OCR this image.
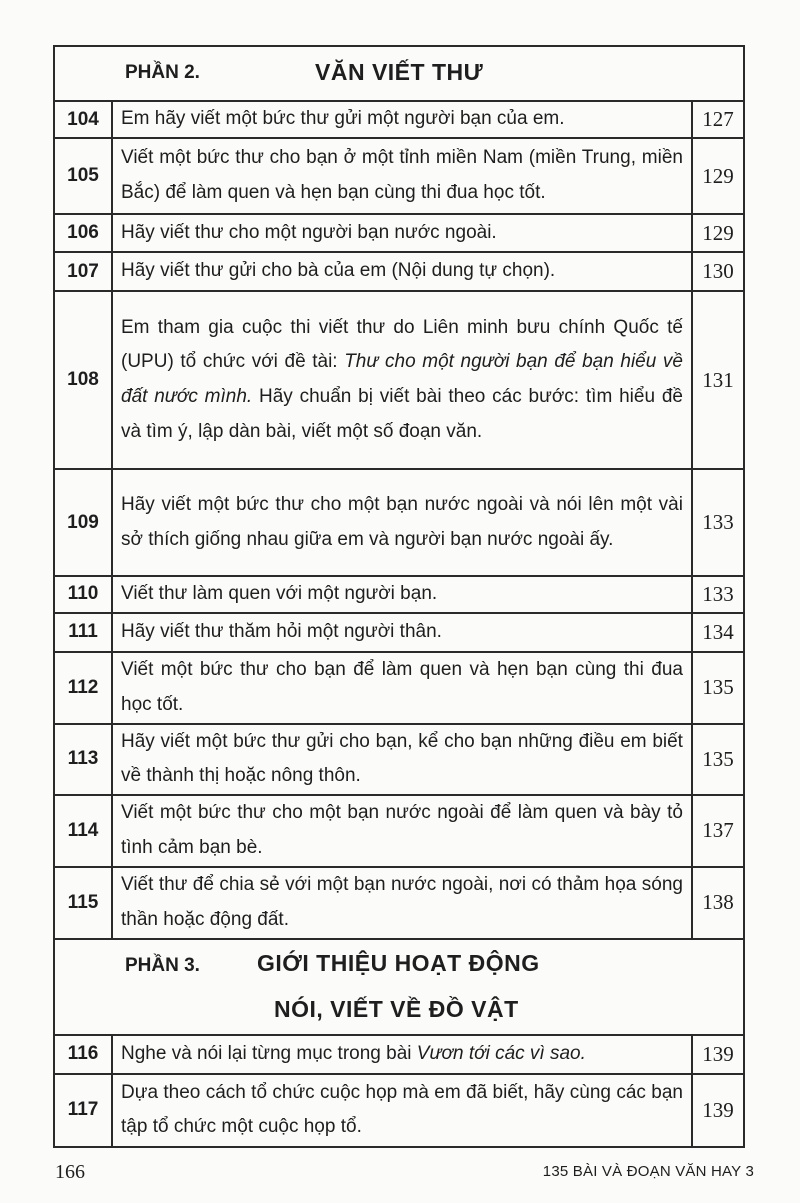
PHẦN 2. VĂN VIẾT THƯ		

104	Em hãy viết một bức thư gửi một người bạn của em.	127
105	Viết một bức thư cho bạn ở một tỉnh miền Nam (miền Trung, miền Bắc) để làm quen và hẹn bạn cùng thi đua học tốt.	129
106	Hãy viết thư cho một người bạn nước ngoài.	129
107	Hãy viết thư gửi cho bà của em (Nội dung tự chọn).	130
108	Em tham gia cuộc thi viết thư do Liên minh bưu chính Quốc tế (UPU) tổ chức với đề tài: Thư cho một người bạn để bạn hiểu về đất nước mình. Hãy chuẩn bị viết bài theo các bước: tìm hiểu đề và tìm ý, lập dàn bài, viết một số đoạn văn.	131
109	Hãy viết một bức thư cho một bạn nước ngoài và nói lên một vài sở thích giống nhau giữa em và người bạn nước ngoài ấy.	133
110	Viết thư làm quen với một người bạn.	133
111	Hãy viết thư thăm hỏi một người thân.	134
112	Viết một bức thư cho bạn để làm quen và hẹn bạn cùng thi đua học tốt.	135
113	Hãy viết một bức thư gửi cho bạn, kể cho bạn những điều em biết về thành thị hoặc nông thôn.	135
114	Viết một bức thư cho một bạn nước ngoài để làm quen và bày tỏ tình cảm bạn bè.	137
115	Viết thư để chia sẻ với một bạn nước ngoài, nơi có thảm họa sóng thần hoặc động đất.	138

PHẦN 3. GIỚI THIỆU HOẠT ĐỘNG
NÓI, VIẾT VỀ ĐỒ VẬT		

116	Nghe và nói lại từng mục trong bài Vươn tới các vì sao.	139
117	Dựa theo cách tổ chức cuộc họp mà em đã biết, hãy cùng các bạn tập tổ chức một cuộc họp tổ.	139
166	135 BÀI VÀ ĐOẠN VĂN HAY 3
